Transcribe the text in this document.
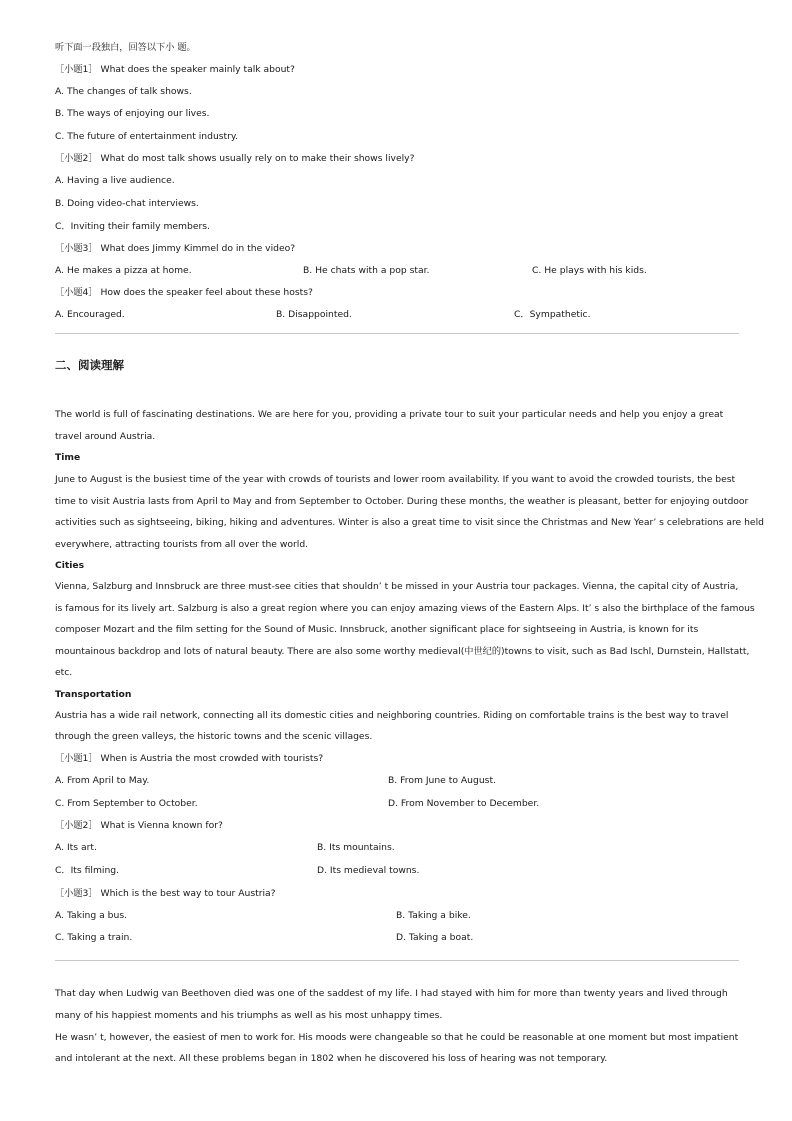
听下面一段独白，回答以下小 题。
［小题1］ What does the speaker mainly talk about?
A. The changes of talk shows.
B. The ways of enjoying our lives.
C. The future of entertainment industry.
［小题2］ What do most talk shows usually rely on to make their shows lively?
A. Having a live audience.
B. Doing video-chat interviews.
C．Inviting their family members.
［小题3］ What does Jimmy Kimmel do in the video?
A. He makes a pizza at home.	B. He chats with a pop star.	C. He plays with his kids.
［小题4］ How does the speaker feel about these hosts?
A. Encouraged.	B. Disappointed.	C．Sympathetic.
二、阅读理解
The world is full of fascinating destinations. We are here for you, providing a private tour to suit your particular needs and help you enjoy a great
travel around Austria.
Time
June to August is the busiest time of the year with crowds of tourists and lower room availability. If you want to avoid the crowded tourists, the best
time to visit Austria lasts from April to May and from September to October. During these months, the weather is pleasant, better for enjoying outdoor
activities such as sightseeing, biking, hiking and adventures. Winter is also a great time to visit since the Christmas and New Year’ s celebrations are held
everywhere, attracting tourists from all over the world.
Cities
Vienna, Salzburg and Innsbruck are three must-see cities that shouldn’ t be missed in your Austria tour packages. Vienna, the capital city of Austria,
is famous for its lively art. Salzburg is also a great region where you can enjoy amazing views of the Eastern Alps. It’ s also the birthplace of the famous
composer Mozart and the film setting for the Sound of Music. Innsbruck, another significant place for sightseeing in Austria, is known for its
mountainous backdrop and lots of natural beauty. There are also some worthy medieval(中世纪的)towns to visit, such as Bad Ischl, Durnstein, Hallstatt,
etc.
Transportation
Austria has a wide rail network, connecting all its domestic cities and neighboring countries. Riding on comfortable trains is the best way to travel
through the green valleys, the historic towns and the scenic villages.
［小题1］ When is Austria the most crowded with tourists?
A. From April to May.	B. From June to August.
C. From September to October.	D. From November to December.
［小题2］ What is Vienna known for?
A. Its art.	B. Its mountains.
C．Its filming.	D. Its medieval towns.
［小题3］ Which is the best way to tour Austria?
A. Taking a bus.	B. Taking a bike.
C. Taking a train.	D. Taking a boat.
That day when Ludwig van Beethoven died was one of the saddest of my life. I had stayed with him for more than twenty years and lived through
many of his happiest moments and his triumphs as well as his most unhappy times.
He wasn’ t, however, the easiest of men to work for. His moods were changeable so that he could be reasonable at one moment but most impatient
and intolerant at the next. All these problems began in 1802 when he discovered his loss of hearing was not temporary.
